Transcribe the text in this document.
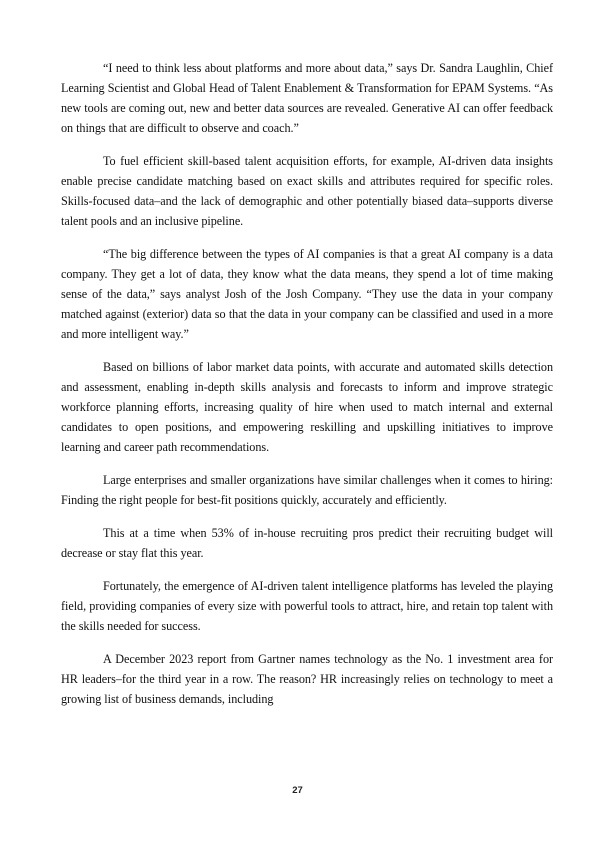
“I need to think less about platforms and more about data,” says Dr. Sandra Laughlin, Chief Learning Scientist and Global Head of Talent Enablement & Transformation for EPAM Systems. “As new tools are coming out, new and better data sources are revealed. Generative AI can offer feedback on things that are difficult to observe and coach.”

To fuel efficient skill-based talent acquisition efforts, for example, AI-driven data insights enable precise candidate matching based on exact skills and attributes required for specific roles. Skills-focused data–and the lack of demographic and other potentially biased data–supports diverse talent pools and an inclusive pipeline.

“The big difference between the types of AI companies is that a great AI company is a data company. They get a lot of data, they know what the data means, they spend a lot of time making sense of the data,” says analyst Josh of the Josh Company. “They use the data in your company matched against (exterior) data so that the data in your company can be classified and used in a more and more intelligent way.”

Based on billions of labor market data points, with accurate and automated skills detection and assessment, enabling in-depth skills analysis and forecasts to inform and improve strategic workforce planning efforts, increasing quality of hire when used to match internal and external candidates to open positions, and empowering reskilling and upskilling initiatives to improve learning and career path recommendations.

Large enterprises and smaller organizations have similar challenges when it comes to hiring: Finding the right people for best-fit positions quickly, accurately and efficiently.

This at a time when 53% of in-house recruiting pros predict their recruiting budget will decrease or stay flat this year.

Fortunately, the emergence of AI-driven talent intelligence platforms has leveled the playing field, providing companies of every size with powerful tools to attract, hire, and retain top talent with the skills needed for success.

A December 2023 report from Gartner names technology as the No. 1 investment area for HR leaders–for the third year in a row. The reason? HR increasingly relies on technology to meet a growing list of business demands, including

27
